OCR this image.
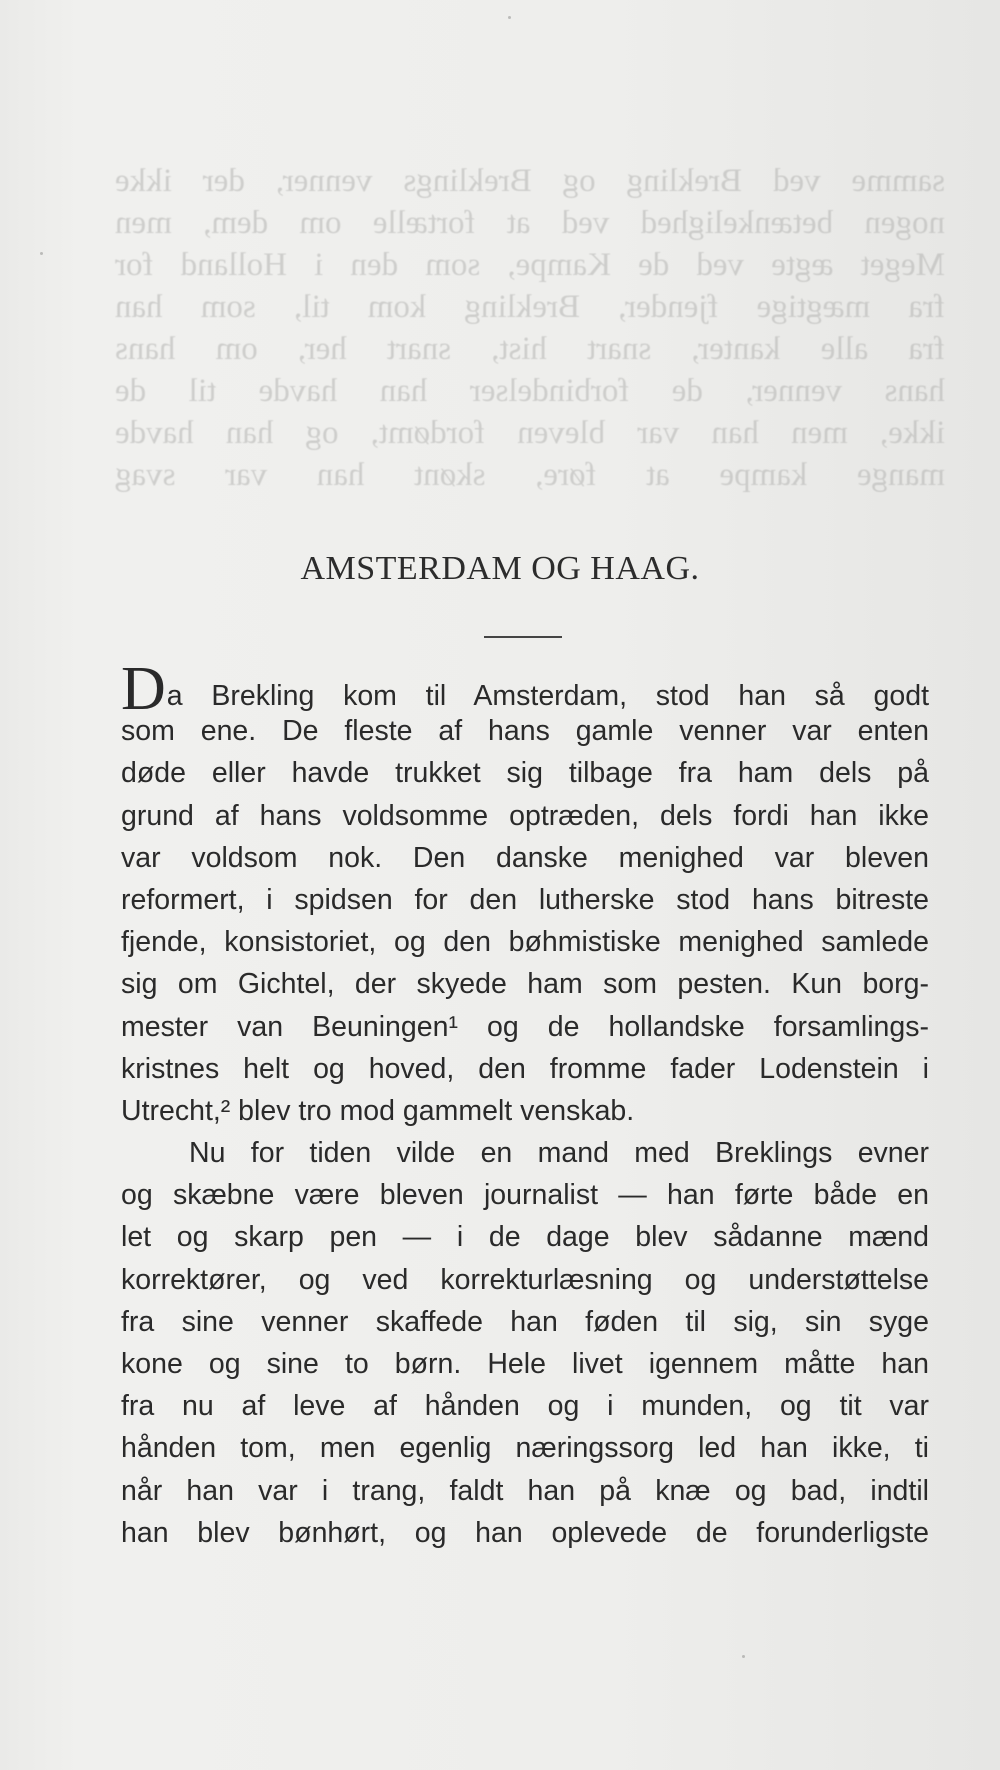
samme ved Brekling og Breklings venner, der ikke
nogen betænkelighed ved at fortælle om dem, men
Meget ægte ved de Kampe, som den i Holland for
fra mægtige fjender, Brekling kom til, som han
fra alle kanter, snart hist, snart her, om hans
hans venner, de forbindelser han havde til de
ikke, men han var bleven fordømt, og han havde
mange kampe at føre, skønt han var svag
AMSTERDAM OG HAAG.
Da Brekling kom til Amsterdam, stod han så godt
som ene. De fleste af hans gamle venner var enten
døde eller havde trukket sig tilbage fra ham dels på
grund af hans voldsomme optræden, dels fordi han ikke
var voldsom nok. Den danske menighed var bleven
reformert, i spidsen for den lutherske stod hans bitreste
fjende, konsistoriet, og den bøhmistiske menighed samlede
sig om Gichtel, der skyede ham som pesten. Kun borg-
mester van Beuningen¹ og de hollandske forsamlings-
kristnes helt og hoved, den fromme fader Lodenstein i
Utrecht,² blev tro mod gammelt venskab.
Nu for tiden vilde en mand med Breklings evner
og skæbne være bleven journalist — han førte både en
let og skarp pen — i de dage blev sådanne mænd
korrektører, og ved korrekturlæsning og understøttelse
fra sine venner skaffede han føden til sig, sin syge
kone og sine to børn. Hele livet igennem måtte han
fra nu af leve af hånden og i munden, og tit var
hånden tom, men egenlig næringssorg led han ikke, ti
når han var i trang, faldt han på knæ og bad, indtil
han blev bønhørt, og han oplevede de forunderligste
